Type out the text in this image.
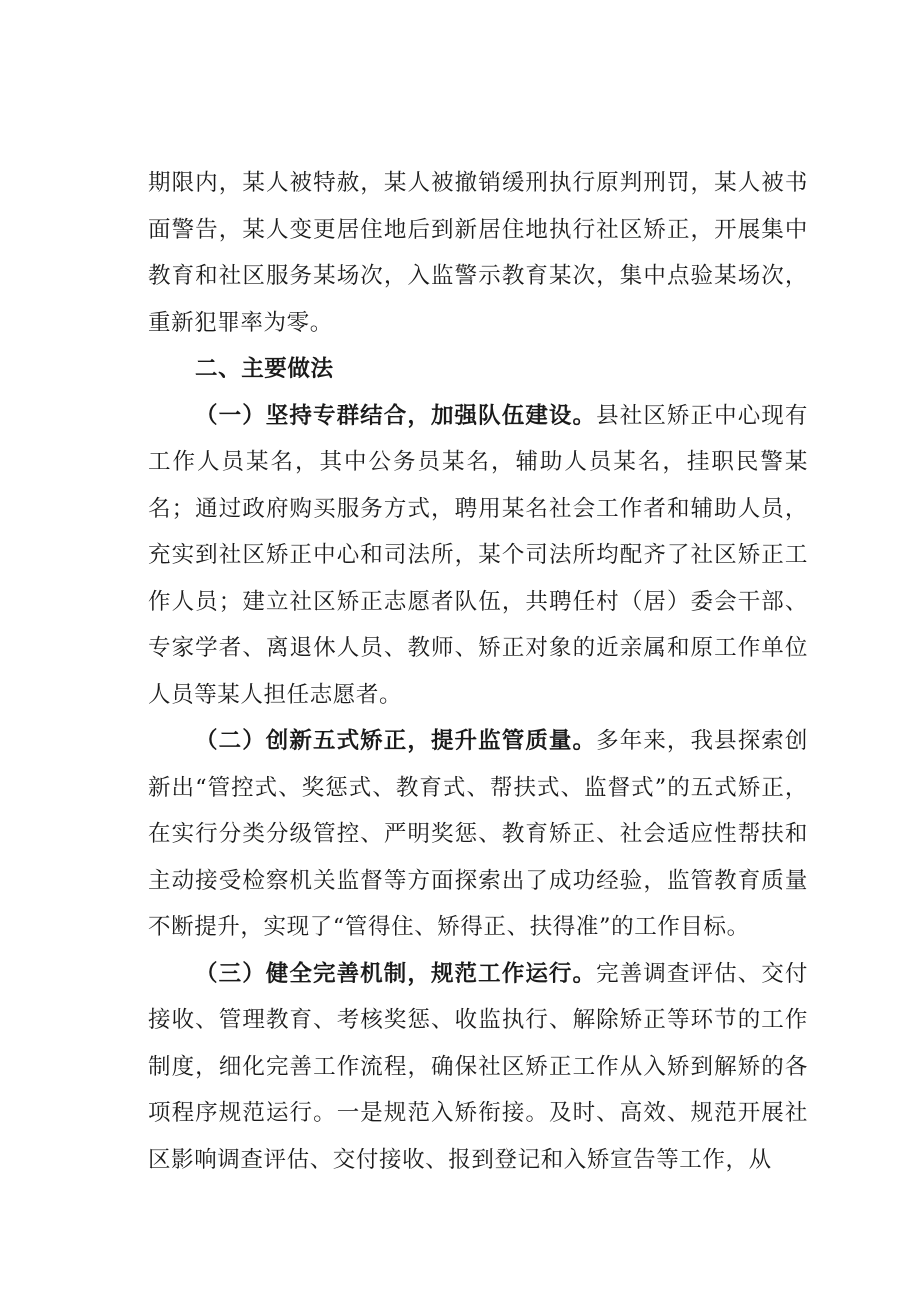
期限内，某人被特赦，某人被撤销缓刑执行原判刑罚，某人被书面警告，某人变更居住地后到新居住地执行社区矫正，开展集中教育和社区服务某场次，入监警示教育某次，集中点验某场次，重新犯罪率为零。

二、主要做法

（一）坚持专群结合，加强队伍建设。县社区矫正中心现有工作人员某名，其中公务员某名，辅助人员某名，挂职民警某名；通过政府购买服务方式，聘用某名社会工作者和辅助人员，充实到社区矫正中心和司法所，某个司法所均配齐了社区矫正工作人员；建立社区矫正志愿者队伍，共聘任村（居）委会干部、专家学者、离退休人员、教师、矫正对象的近亲属和原工作单位人员等某人担任志愿者。

（二）创新五式矫正，提升监管质量。多年来，我县探索创新出“管控式、奖惩式、教育式、帮扶式、监督式”的五式矫正，在实行分类分级管控、严明奖惩、教育矫正、社会适应性帮扶和主动接受检察机关监督等方面探索出了成功经验，监管教育质量不断提升，实现了“管得住、矫得正、扶得准”的工作目标。

（三）健全完善机制，规范工作运行。完善调查评估、交付接收、管理教育、考核奖惩、收监执行、解除矫正等环节的工作制度，细化完善工作流程，确保社区矫正工作从入矫到解矫的各项程序规范运行。一是规范入矫衔接。及时、高效、规范开展社区影响调查评估、交付接收、报到登记和入矫宣告等工作，从
